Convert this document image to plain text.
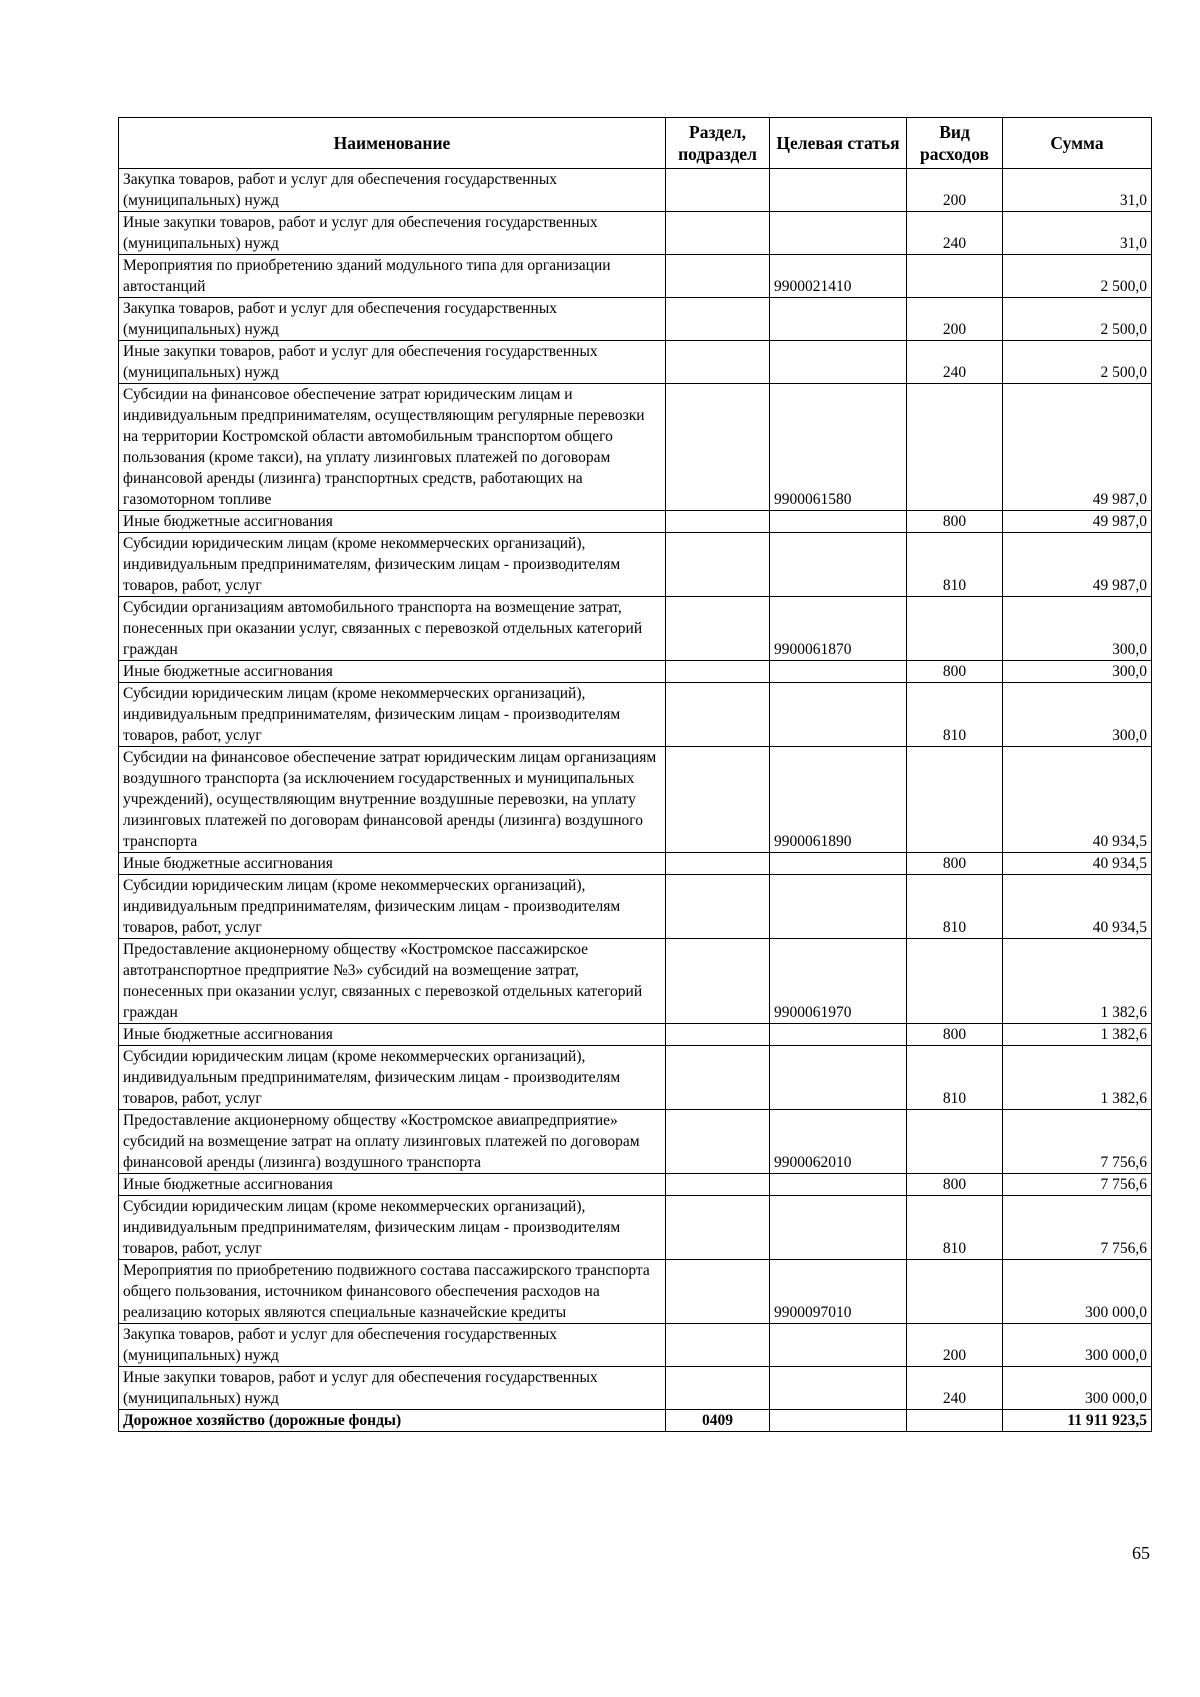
Наименование	Раздел, подраздел	Целевая статья	Вид расходов	Сумма
Закупка товаров, работ и услуг для обеспечения государственных (муниципальных) нужд			200	31,0
Иные закупки товаров, работ и услуг для обеспечения государственных (муниципальных) нужд			240	31,0
Мероприятия по приобретению зданий модульного типа для организации автостанций		9900021410		2 500,0
Закупка товаров, работ и услуг для обеспечения государственных (муниципальных) нужд			200	2 500,0
Иные закупки товаров, работ и услуг для обеспечения государственных (муниципальных) нужд			240	2 500,0
Субсидии на финансовое обеспечение затрат юридическим лицам и индивидуальным предпринимателям, осуществляющим регулярные перевозки на территории Костромской области автомобильным транспортом общего пользования (кроме такси), на уплату лизинговых платежей по договорам финансовой аренды (лизинга) транспортных средств, работающих на газомоторном топливе		9900061580		49 987,0
Иные бюджетные ассигнования			800	49 987,0
Субсидии юридическим лицам (кроме некоммерческих организаций), индивидуальным предпринимателям, физическим лицам - производителям товаров, работ, услуг			810	49 987,0
Субсидии организациям автомобильного транспорта на возмещение затрат, понесенных при оказании услуг, связанных с перевозкой отдельных категорий граждан		9900061870		300,0
Иные бюджетные ассигнования			800	300,0
Субсидии юридическим лицам (кроме некоммерческих организаций), индивидуальным предпринимателям, физическим лицам - производителям товаров, работ, услуг			810	300,0
Субсидии на финансовое обеспечение затрат юридическим лицам организациям воздушного транспорта (за исключением государственных и муниципальных учреждений), осуществляющим внутренние воздушные перевозки, на уплату лизинговых платежей по договорам финансовой аренды (лизинга) воздушного транспорта		9900061890		40 934,5
Иные бюджетные ассигнования			800	40 934,5
Субсидии юридическим лицам (кроме некоммерческих организаций), индивидуальным предпринимателям, физическим лицам - производителям товаров, работ, услуг			810	40 934,5
Предоставление акционерному обществу «Костромское пассажирское автотранспортное предприятие №3» субсидий на возмещение затрат, понесенных при оказании услуг, связанных с перевозкой отдельных категорий граждан		9900061970		1 382,6
Иные бюджетные ассигнования			800	1 382,6
Субсидии юридическим лицам (кроме некоммерческих организаций), индивидуальным предпринимателям, физическим лицам - производителям товаров, работ, услуг			810	1 382,6
Предоставление акционерному обществу «Костромское авиапредприятие» субсидий на возмещение затрат на оплату лизинговых платежей по договорам финансовой аренды (лизинга) воздушного транспорта		9900062010		7 756,6
Иные бюджетные ассигнования			800	7 756,6
Субсидии юридическим лицам (кроме некоммерческих организаций), индивидуальным предпринимателям, физическим лицам - производителям товаров, работ, услуг			810	7 756,6
Мероприятия по приобретению подвижного состава пассажирского транспорта общего пользования, источником финансового обеспечения расходов на реализацию которых являются специальные казначейские кредиты		9900097010		300 000,0
Закупка товаров, работ и услуг для обеспечения государственных (муниципальных) нужд			200	300 000,0
Иные закупки товаров, работ и услуг для обеспечения государственных (муниципальных) нужд			240	300 000,0
Дорожное хозяйство (дорожные фонды)	0409			11 911 923,5
65
